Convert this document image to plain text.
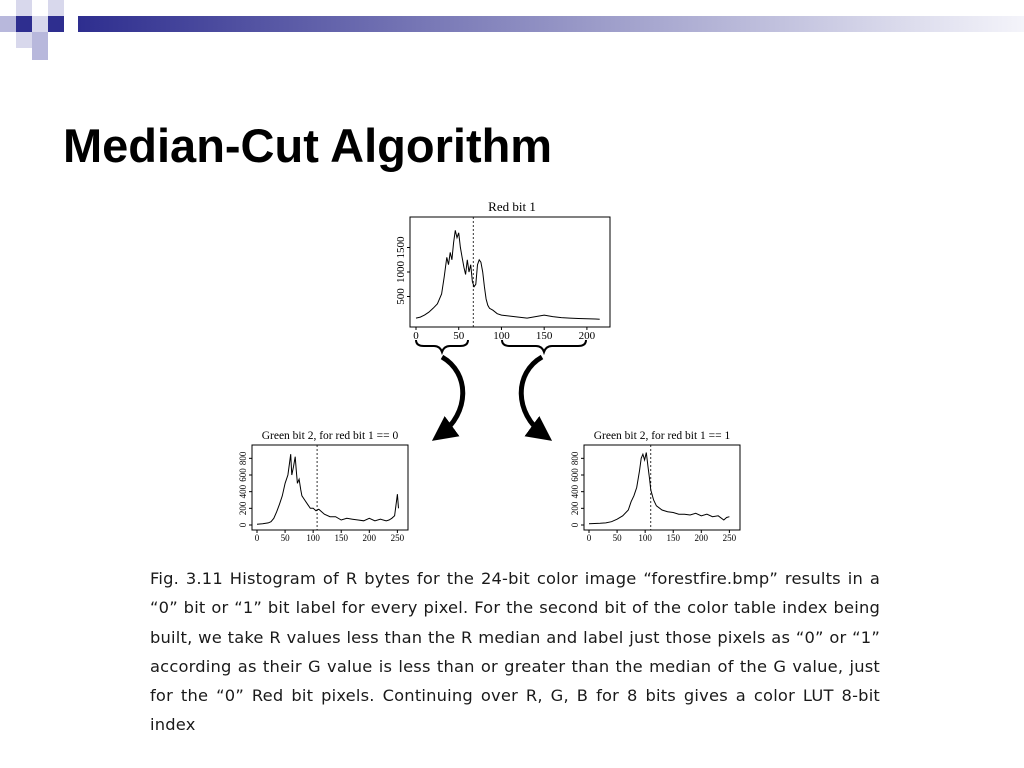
Median-Cut Algorithm
Red bit 1
0	50	100 150 200
500
1000
1500
Green bit 2, for red bit 1 == 0
0 50 100 150 200 250
0
200
400
600
800
Green bit 2, for red bit 1 == 1
0 50 100 150 200 250
0
200
400
600
800

Fig. 3.11 Histogram of R bytes for the 24-bit color image “forestfire.bmp” results in a “0” bit or “1” bit label for every pixel. For the second bit of the color table index being built, we take R values less than the R median and label just those pixels as “0” or “1” according as their G value is less than or greater than the median of the G value, just for the “0” Red bit pixels. Continuing over R, G, B for 8 bits gives a color LUT 8-bit index
